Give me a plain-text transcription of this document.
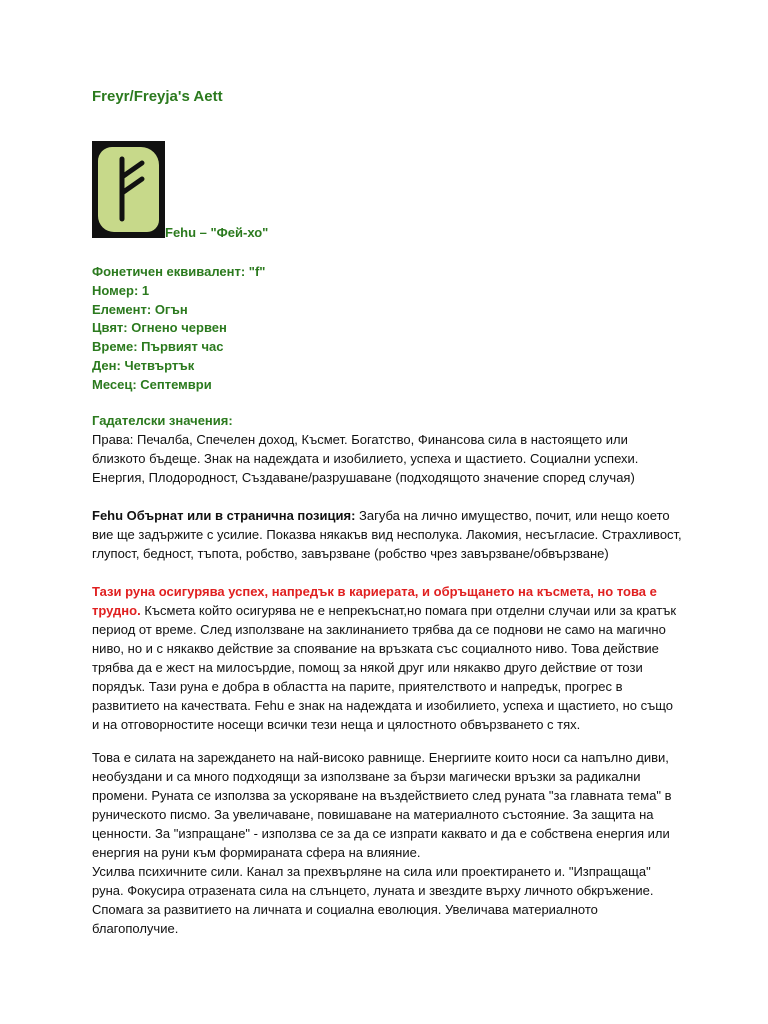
Freyr/Freyja's Aett
Fehu – "Фей-хо"
Фонетичен еквивалент: "f"
Номер: 1
Елемент: Огън
Цвят: Огнено червен
Време: Първият час
Ден: Четвъртък
Месец: Септември
Гадателски значения:
Права: Печалба, Спечелен доход, Късмет. Богатство, Финансова сила в настоящето или
близкото бъдеще. Знак на надеждата и изобилието, успеха и щастието. Социални успехи.
Енергия, Плодородност, Създаване/разрушаване (подходящото значение според случая)
Fehu Обърнат или в странична позиция: Загуба на лично имущество, почит, или нещо което
вие ще задържите с усилие. Показва някакъв вид несполука. Лакомия, несъгласие. Страхливост,
глупост, бедност, тъпота, робство, завързване (робство чрез завързване/обвързване)
Тази руна осигурява успех, напредък в кариерата, и обръщането на късмета, но това е
трудно. Късмета който осигурява не е непрекъснат,но помага при отделни случаи или за кратък
период от време. След използване на заклинанието трябва да се поднови не само на магично
ниво, но и с някакво действие за споявание на връзката със социалното ниво. Това действие
трябва да е жест на милосърдие, помощ за някой друг или някакво друго действие от този
порядък. Тази руна е добра в областта на парите, приятелството и напредък, прогрес в
развитието на качествата. Fehu е знак на надеждата и изобилието, успеха и щастието, но също
и на отговорностите носещи всички тези неща и цялостното обвързването с тях.
Това е силата на зареждането на най-високо равнище. Енергиите които носи са напълно диви,
необуздани и са много подходящи за използване за бързи магически връзки за радикални
промени. Руната се използва за ускоряване на въздействието след руната "за главната тема" в
руническото писмо. За увеличаване, повишаване на материалното състояние. За защита на
ценности. За "изпращане" - използва се за да се изпрати каквато и да е собствена енергия или
енергия на руни към формираната сфера на влияние.
Усилва психичните сили. Канал за прехвърляне на сила или проектирането и. "Изпращаща"
руна. Фокусира отразената сила на слънцето, луната и звездите върху личното обкръжение.
Спомага за развитието на личната и социална еволюция. Увеличава материалното
благополучие.
